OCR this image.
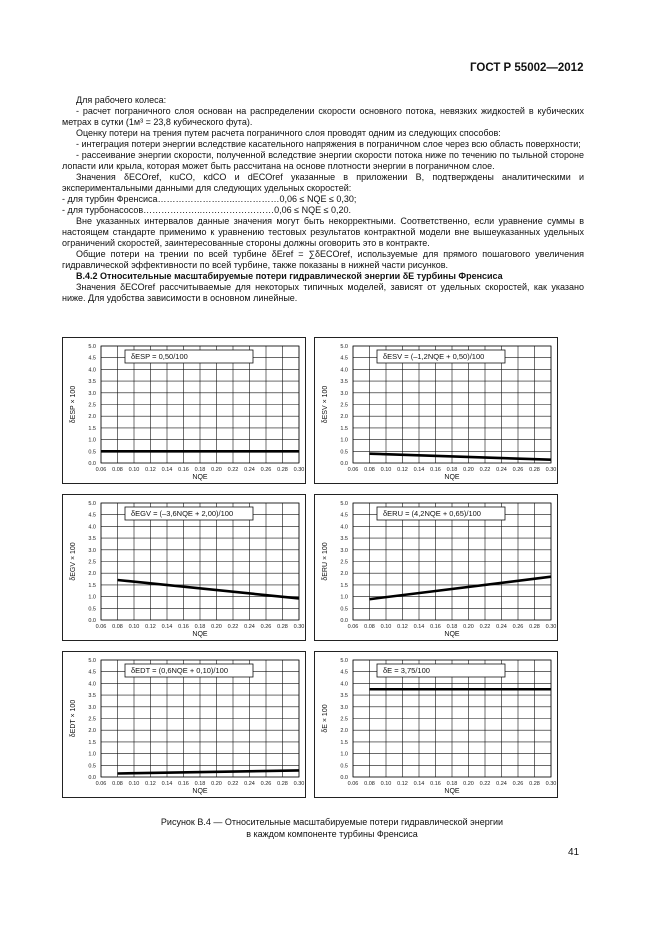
ГОСТ Р 55002—2012
Для рабочего колеса:
- расчет пограничного слоя основан на распределении скорости основного потока, невязких жидкостей в кубических метрах в сутки (1м³ = 23,8 кубического фута).
Оценку потери на трения путем расчета пограничного слоя проводят одним из следующих способов:
- интеграция потери энергии вследствие касательного напряжения в пограничном слое через всю область поверхности;
- рассеивание энергии скорости, полученной вследствие энергии скорости потока ниже по течению по тыльной стороне лопасти или крыла, которая может быть рассчитана на основе плотности энергии в пограничном слое.
Значения δECOref, κuCO, κdCO и dECOref указанные в приложении В, подтверждены аналитическими и экспериментальными данными для следующих удельных скоростей:
- для турбин Френсиса……………………..……………0,06 ≤ NQE ≤ 0,30;
- для турбонасосов………………..……………………0,06 ≤ NQE ≤ 0,20.
Вне указанных интервалов данные значения могут быть некорректными. Соответственно, если уравнение суммы в настоящем стандарте применимо к уравнению тестовых результатов контрактной модели вне вышеуказанных удельных ограничений скоростей, заинтересованные стороны должны оговорить это в контракте.
Общие потери на трении по всей турбине δEref = ∑δECOref, используемые для прямого пошагового увеличения гидравлической эффективности по всей турбине, также показаны в нижней части рисунков.
В.4.2 Относительные масштабируемые потери гидравлической энергии δE турбины Френсиса
Значения δECOref рассчитываемые для некоторых типичных моделей, зависят от удельных скоростей, как указано ниже. Для удобства зависимости в основном линейные.
0.06 0.08 0.10 0.12 0.14 0.16 0.18 0.20 0.22 0.24 0.26 0.28 0.30
0.0
0.5
1.0
1.5
2.0
2.5
3.0
3.5
4.0
4.5
5.0
NQE
δESP × 100
δESP = 0,50/100
0.06 0.08 0.10 0.12 0.14 0.16 0.18 0.20 0.22 0.24 0.26 0.28 0.30
0.0
0.5
1.0
1.5
2.0
2.5
3.0
3.5
4.0
4.5
5.0
NQE
δESV × 100
δESV = (–1,2NQE + 0,50)/100
0.06 0.08 0.10 0.12 0.14 0.16 0.18 0.20 0.22 0.24 0.26 0.28 0.30
0.0
0.5
1.0
1.5
2.0
2.5
3.0
3.5
4.0
4.5
5.0
NQE
δEGV × 100
δEGV = (–3,6NQE + 2,00)/100
0.06 0.08 0.10 0.12 0.14 0.16 0.18 0.20 0.22 0.24 0.26 0.28 0.30
0.0
0.5
1.0
1.5
2.0
2.5
3.0
3.5
4.0
4.5
5.0
NQE
δERU × 100
δERU = (4,2NQE + 0,65)/100
0.06 0.08 0.10 0.12 0.14 0.16 0.18 0.20 0.22 0.24 0.26 0.28 0.30
0.0
0.5
1.0
1.5
2.0
2.5
3.0
3.5
4.0
4.5
5.0
NQE
δEDT × 100
δEDT = (0,6NQE + 0,10)/100
0.06 0.08 0.10 0.12 0.14 0.16 0.18 0.20 0.22 0.24 0.26 0.28 0.30
0.0
0.5
1.0
1.5
2.0
2.5
3.0
3.5
4.0
4.5
5.0
NQE
δE × 100
δE = 3,75/100
Рисунок В.4 — Относительные масштабируемые потери гидравлической энергии
в каждом компоненте турбины Френсиса
41
